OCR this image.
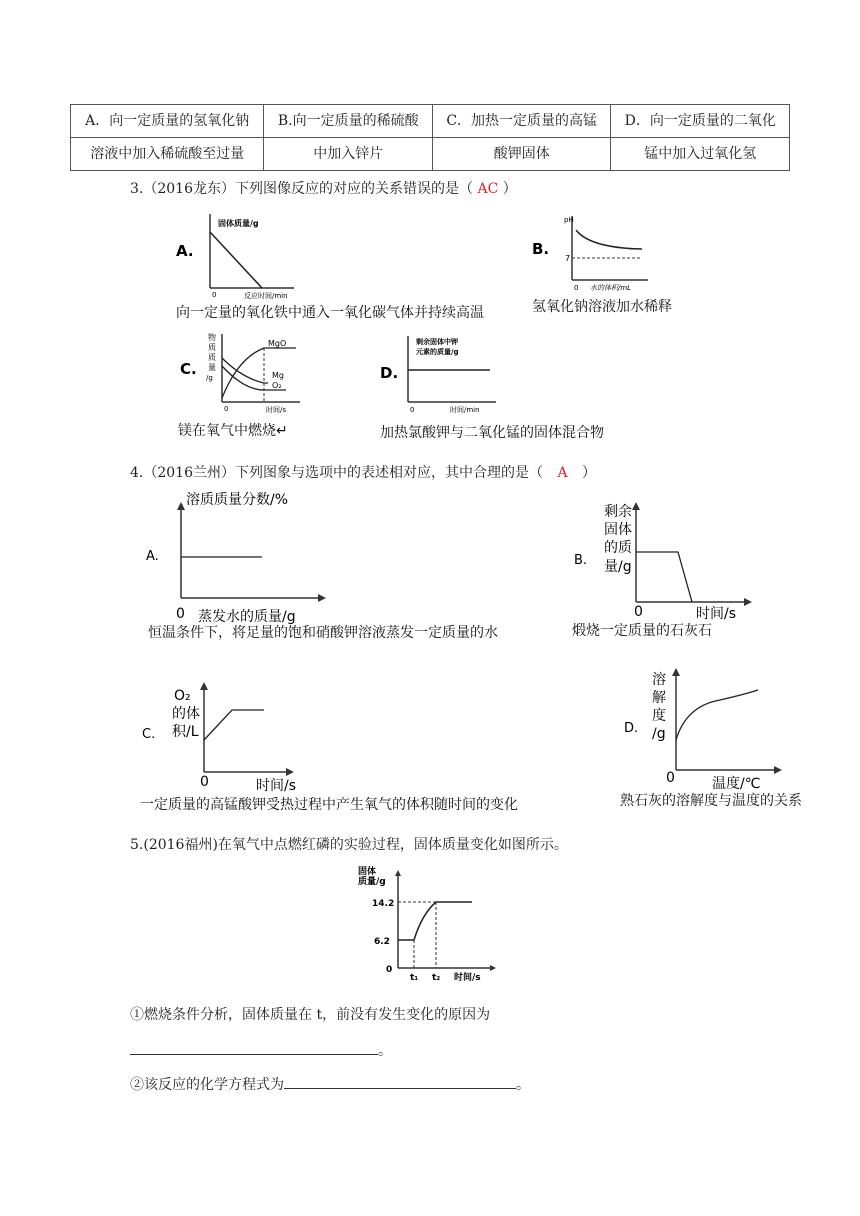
A．向一定质量的氢氧化钠	B.向一定质量的稀硫酸	C．加热一定质量的高锰	D．向一定质量的二氧化
溶液中加入稀硫酸至过量	中加入锌片	酸钾固体	锰中加入过氧化氢
3.（2016龙东）下列图像反应的对应的关系错误的是（ AC ）
A.
固体质量/g
0	反应时间/min
向一定量的氧化铁中通入一氧化碳气体并持续高温
B.
pH
7
0 水的体积/mL
氢氧化钠溶液加水稀释
C.
物
质
质
量
/g
MgO
Mg
O₂
0	时间/s
镁在氧气中燃烧↵
D.
剩余固体中钾
元素的质量/g
0	时间/min
加热氯酸钾与二氧化锰的固体混合物
4.（2016兰州）下列图象与选项中的表述相对应，其中合理的是（ A ）
溶质质量分数/%
A.
0 蒸发水的质量/g
恒温条件下，将足量的饱和硝酸钾溶液蒸发一定质量的水
剩余
固体
的质
量/g
B.
0	时间/s
煅烧一定质量的石灰石
O₂
的体
积/L
C.
0	时间/s
一定质量的高锰酸钾受热过程中产生氧气的体积随时间的变化
溶
解
度
/g
D.
0	温度/℃
熟石灰的溶解度与温度的关系
5.(2016福州)在氧气中点燃红磷的实验过程，固体质量变化如图所示。
固体
质量/g
14.2
6.2
0
t₁ t₂ 时间/s
①燃烧条件分析，固体质量在 t，前没有发生变化的原因为
。
②该反应的化学方程式为	。
